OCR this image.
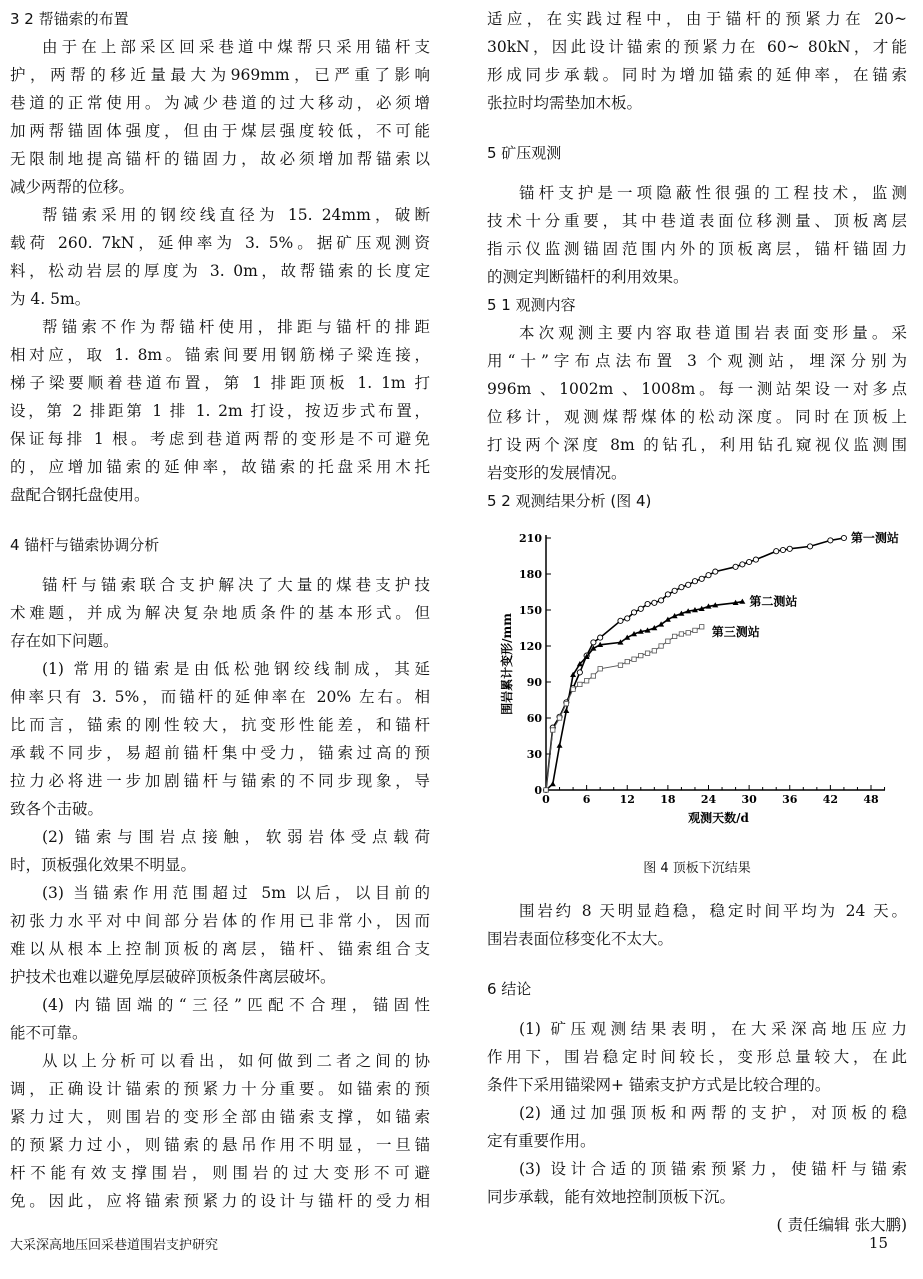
3 2 帮锚索的布置
由于在上部采区回采巷道中煤帮只采用锚杆支
护，两帮的移近量最大为969mm，已严重了影响
巷道的正常使用。为减少巷道的过大移动，必须增
加两帮锚固体强度，但由于煤层强度较低，不可能
无限制地提高锚杆的锚固力，故必须增加帮锚索以
减少两帮的位移。
帮锚索采用的钢绞线直径为 15. 24mm，破断
载荷 260. 7kN，延伸率为 3. 5%。据矿压观测资
料，松动岩层的厚度为 3. 0m，故帮锚索的长度定
为 4. 5m。
帮锚索不作为帮锚杆使用，排距与锚杆的排距
相对应，取 1. 8m。锚索间要用钢筋梯子梁连接，
梯子梁要顺着巷道布置，第 1 排距顶板 1. 1m 打
设，第 2 排距第 1 排 1. 2m 打设，按迈步式布置，
保证每排 1 根。考虑到巷道两帮的变形是不可避免
的，应增加锚索的延伸率，故锚索的托盘采用木托
盘配合钢托盘使用。
4 锚杆与锚索协调分析
锚杆与锚索联合支护解决了大量的煤巷支护技
术难题，并成为解决复杂地质条件的基本形式。但
存在如下问题。
(1) 常用的锚索是由低松弛钢绞线制成，其延
伸率只有 3. 5%，而锚杆的延伸率在 20% 左右。相
比而言，锚索的刚性较大，抗变形性能差，和锚杆
承载不同步，易超前锚杆集中受力，锚索过高的预
拉力必将进一步加剧锚杆与锚索的不同步现象，导
致各个击破。
(2) 锚索与围岩点接触，软弱岩体受点载荷
时，顶板强化效果不明显。
(3) 当锚索作用范围超过 5m 以后，以目前的
初张力水平对中间部分岩体的作用已非常小，因而
难以从根本上控制顶板的离层，锚杆、锚索组合支
护技术也难以避免厚层破碎顶板条件离层破坏。
(4) 内锚固端的“三径”匹配不合理，锚固性
能不可靠。
从以上分析可以看出，如何做到二者之间的协
调，正确设计锚索的预紧力十分重要。如锚索的预
紧力过大，则围岩的变形全部由锚索支撑，如锚索
的预紧力过小，则锚索的悬吊作用不明显，一旦锚
杆不能有效支撑围岩，则围岩的过大变形不可避
免。因此，应将锚索预紧力的设计与锚杆的受力相
适应，在实践过程中，由于锚杆的预紧力在 20~
30kN，因此设计锚索的预紧力在 60~ 80kN，才能
形成同步承载。同时为增加锚索的延伸率，在锚索
张拉时均需垫加木板。
5 矿压观测
锚杆支护是一项隐蔽性很强的工程技术，监测
技术十分重要，其中巷道表面位移测量、顶板离层
指示仪监测锚固范围内外的顶板离层，锚杆锚固力
的测定判断锚杆的利用效果。
5 1 观测内容
本次观测主要内容取巷道围岩表面变形量。采
用“十”字布点法布置 3 个观测站，埋深分别为
996m 、1002m 、1008m。每一测站架设一对多点
位移计，观测煤帮煤体的松动深度。同时在顶板上
打设两个深度 8m 的钻孔，利用钻孔窥视仪监测围
岩变形的发展情况。
5 2 观测结果分析 (图 4)
图 4 顶板下沉结果
围岩约 8 天明显趋稳，稳定时间平均为 24 天。
围岩表面位移变化不太大。
6 结论
(1) 矿压观测结果表明，在大采深高地压应力
作用下，围岩稳定时间较长，变形总量较大，在此
条件下采用锚梁网+ 锚索支护方式是比较合理的。
(2) 通过加强顶板和两帮的支护，对顶板的稳
定有重要作用。
(3) 设计合适的顶锚索预紧力，使锚杆与锚索
同步承载，能有效地控制顶板下沉。
( 责任编辑 张大鹏)
0
30
60
90
120
150
180
210
0	6	12 18 24 30 36 42 48
观测天数/d
围岩累计变形/mm
第一测站
第二测站
第三测站
大采深高地压回采巷道围岩支护研究	15
